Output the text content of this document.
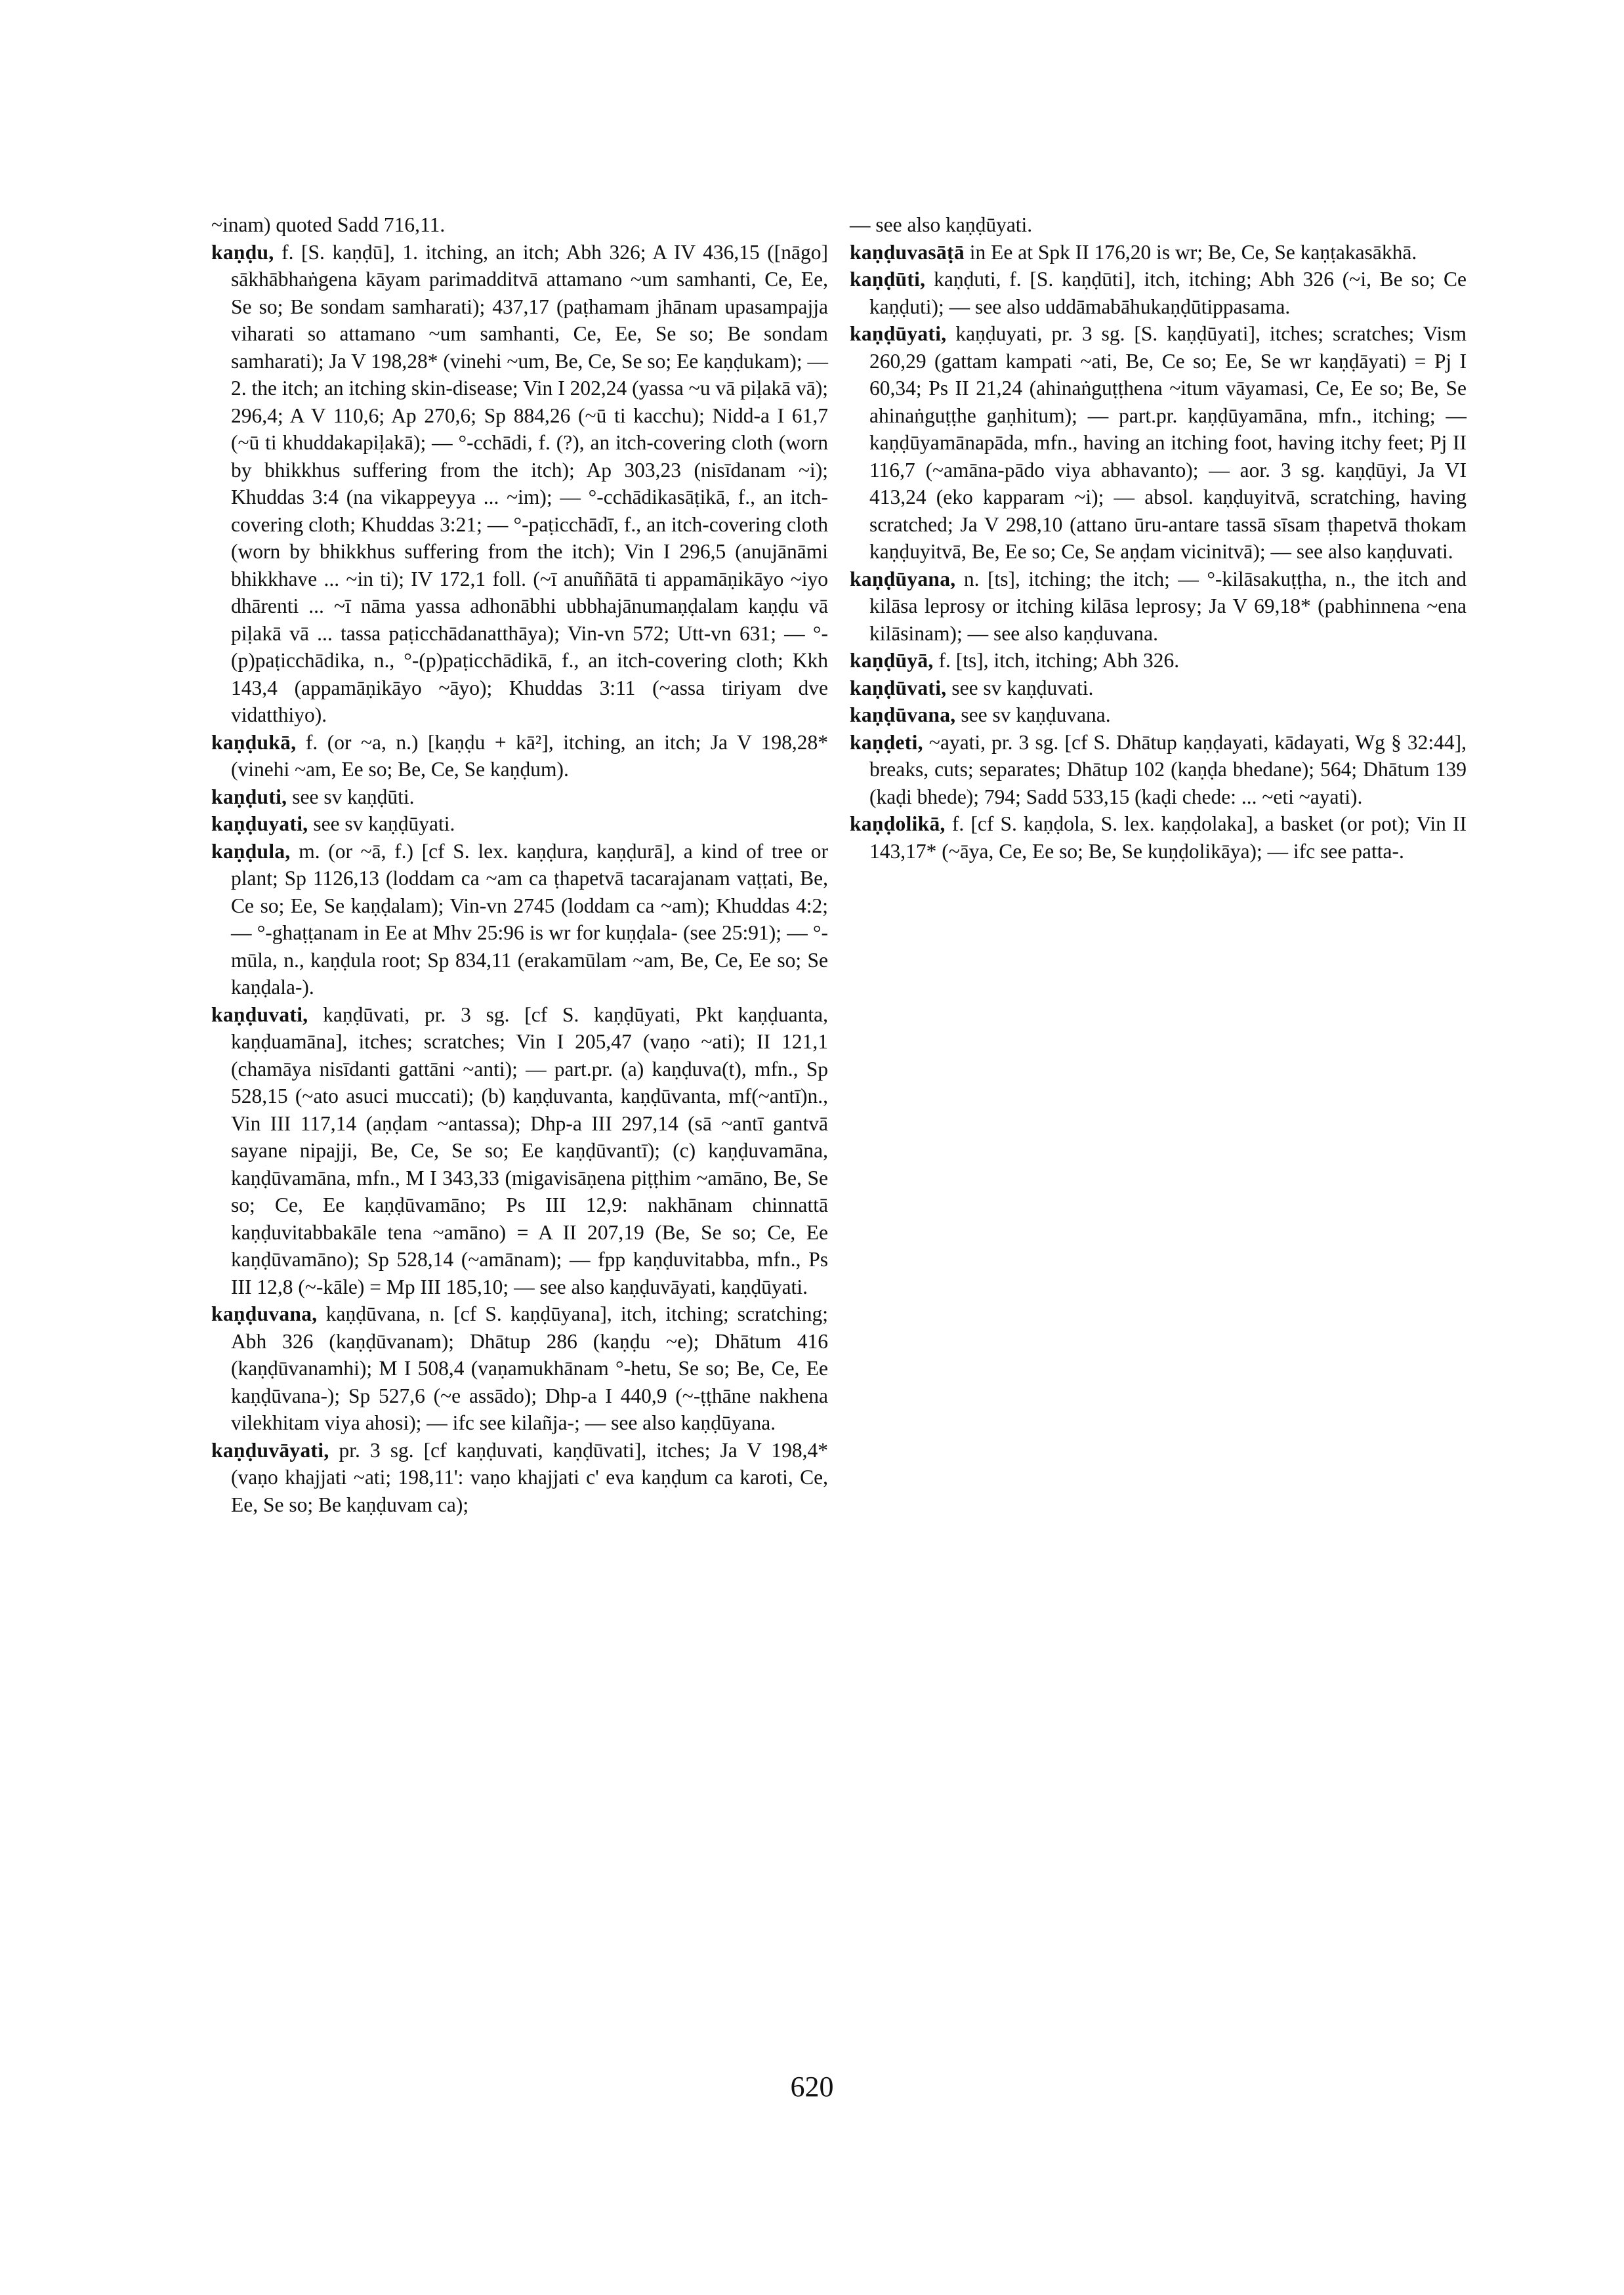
~inam) quoted Sadd 716,11.

kaṇḍu, f. [S. kaṇḍū], 1. itching, an itch; Abh 326; A IV 436,15 ([nāgo] sākhābhaṅgena kāyam parimadditvā attamano ~um samhanti, Ce, Ee, Se so; Be sondam samharati); 437,17 (paṭhamam jhānam upasampajja viharati so attamano ~um samhanti, Ce, Ee, Se so; Be sondam samharati); Ja V 198,28* (vinehi ~um, Be, Ce, Se so; Ee kaṇḍukam); — 2. the itch; an itching skin-disease; Vin I 202,24 (yassa ~u vā piḷakā vā); 296,4; A V 110,6; Ap 270,6; Sp 884,26 (~ū ti kacchu); Nidd-a I 61,7 (~ū ti khuddakapiḷakā); — °-cchādi, f. (?), an itch-covering cloth (worn by bhikkhus suffering from the itch); Ap 303,23 (nisīdanam ~i); Khuddas 3:4 (na vikappeyya ... ~im); — °-cchādikasāṭikā, f., an itch-covering cloth; Khuddas 3:21; — °-paṭicchādī, f., an itch-covering cloth (worn by bhikkhus suffering from the itch); Vin I 296,5 (anujānāmi bhikkhave ... ~in ti); IV 172,1 foll. (~ī anuññātā ti appamāṇikāyo ~iyo dhārenti ... ~ī nāma yassa adhonābhi ubbhajānumaṇḍalam kaṇḍu vā piḷakā vā ... tassa paṭicchādanatthāya); Vin-vn 572; Utt-vn 631; — °-(p)paṭicchādika, n., °-(p)paṭicchādikā, f., an itch-covering cloth; Kkh 143,4 (appamāṇikāyo ~āyo); Khuddas 3:11 (~assa tiriyam dve vidatthiyo).

kaṇḍukā, f. (or ~a, n.) [kaṇḍu + kā²], itching, an itch; Ja V 198,28* (vinehi ~am, Ee so; Be, Ce, Se kaṇḍum).

kaṇḍuti, see sv kaṇḍūti.

kaṇḍuyati, see sv kaṇḍūyati.

kaṇḍula, m. (or ~ā, f.) [cf S. lex. kaṇḍura, kaṇḍurā], a kind of tree or plant; Sp 1126,13 (loddam ca ~am ca ṭhapetvā tacarajanam vaṭṭati, Be, Ce so; Ee, Se kaṇḍalam); Vin-vn 2745 (loddam ca ~am); Khuddas 4:2; — °-ghaṭṭanam in Ee at Mhv 25:96 is wr for kuṇḍala- (see 25:91); — °-mūla, n., kaṇḍula root; Sp 834,11 (erakamūlam ~am, Be, Ce, Ee so; Se kaṇḍala-).

kaṇḍuvati, kaṇḍūvati, pr. 3 sg. [cf S. kaṇḍūyati, Pkt kaṇḍuanta, kaṇḍuamāna], itches; scratches; Vin I 205,47 (vaṇo ~ati); II 121,1 (chamāya nisīdanti gattāni ~anti); — part.pr. (a) kaṇḍuva(t), mfn., Sp 528,15 (~ato asuci muccati); (b) kaṇḍuvanta, kaṇḍūvanta, mf(~antī)n., Vin III 117,14 (aṇḍam ~antassa); Dhp-a III 297,14 (sā ~antī gantvā sayane nipajji, Be, Ce, Se so; Ee kaṇḍūvantī); (c) kaṇḍuvamāna, kaṇḍūvamāna, mfn., M I 343,33 (migavisāṇena piṭṭhim ~amāno, Be, Se so; Ce, Ee kaṇḍūvamāno; Ps III 12,9: nakhānam chinnattā kaṇḍuvitabbakāle tena ~amāno) = A II 207,19 (Be, Se so; Ce, Ee kaṇḍūvamāno); Sp 528,14 (~amānam); — fpp kaṇḍuvitabba, mfn., Ps III 12,8 (~-kāle) = Mp III 185,10; — see also kaṇḍuvāyati, kaṇḍūyati.

kaṇḍuvana, kaṇḍūvana, n. [cf S. kaṇḍūyana], itch, itching; scratching; Abh 326 (kaṇḍūvanam); Dhātup 286 (kaṇḍu ~e); Dhātum 416 (kaṇḍūvanamhi); M I 508,4 (vaṇamukhānam °-hetu, Se so; Be, Ce, Ee kaṇḍūvana-); Sp 527,6 (~e assādo); Dhp-a I 440,9 (~-ṭṭhāne nakhena vilekhitam viya ahosi); — ifc see kilañja-; — see also kaṇḍūyana.

kaṇḍuvāyati, pr. 3 sg. [cf kaṇḍuvati, kaṇḍūvati], itches; Ja V 198,4* (vaṇo khajjati ~ati; 198,11': vaṇo khajjati c' eva kaṇḍum ca karoti, Ce, Ee, Se so; Be kaṇḍuvam ca);

— see also kaṇḍūyati.

kaṇḍuvasāṭā in Ee at Spk II 176,20 is wr; Be, Ce, Se kaṇṭakasākhā.

kaṇḍūti, kaṇḍuti, f. [S. kaṇḍūti], itch, itching; Abh 326 (~i, Be so; Ce kaṇḍuti); — see also uddāmabāhukaṇḍūtippasama.

kaṇḍūyati, kaṇḍuyati, pr. 3 sg. [S. kaṇḍūyati], itches; scratches; Vism 260,29 (gattam kampati ~ati, Be, Ce so; Ee, Se wr kaṇḍāyati) = Pj I 60,34; Ps II 21,24 (ahinaṅguṭṭhena ~itum vāyamasi, Ce, Ee so; Be, Se ahinaṅguṭṭhe gaṇhitum); — part.pr. kaṇḍūyamāna, mfn., itching; — kaṇḍūyamānapāda, mfn., having an itching foot, having itchy feet; Pj II 116,7 (~amāna-pādo viya abhavanto); — aor. 3 sg. kaṇḍūyi, Ja VI 413,24 (eko kapparam ~i); — absol. kaṇḍuyitvā, scratching, having scratched; Ja V 298,10 (attano ūru-antare tassā sīsam ṭhapetvā thokam kaṇḍuyitvā, Be, Ee so; Ce, Se aṇḍam vicinitvā); — see also kaṇḍuvati.

kaṇḍūyana, n. [ts], itching; the itch; — °-kilāsakuṭṭha, n., the itch and kilāsa leprosy or itching kilāsa leprosy; Ja V 69,18* (pabhinnena ~ena kilāsinam); — see also kaṇḍuvana.

kaṇḍūyā, f. [ts], itch, itching; Abh 326.

kaṇḍūvati, see sv kaṇḍuvati.

kaṇḍūvana, see sv kaṇḍuvana.

kaṇḍeti, ~ayati, pr. 3 sg. [cf S. Dhātup kaṇḍayati, kādayati, Wg § 32:44], breaks, cuts; separates; Dhātup 102 (kaṇḍa bhedane); 564; Dhātum 139 (kaḍi bhede); 794; Sadd 533,15 (kaḍi chede: ... ~eti ~ayati).

kaṇḍolikā, f. [cf S. kaṇḍola, S. lex. kaṇḍolaka], a basket (or pot); Vin II 143,17* (~āya, Ce, Ee so; Be, Se kuṇḍolikāya); — ifc see patta-.

620
